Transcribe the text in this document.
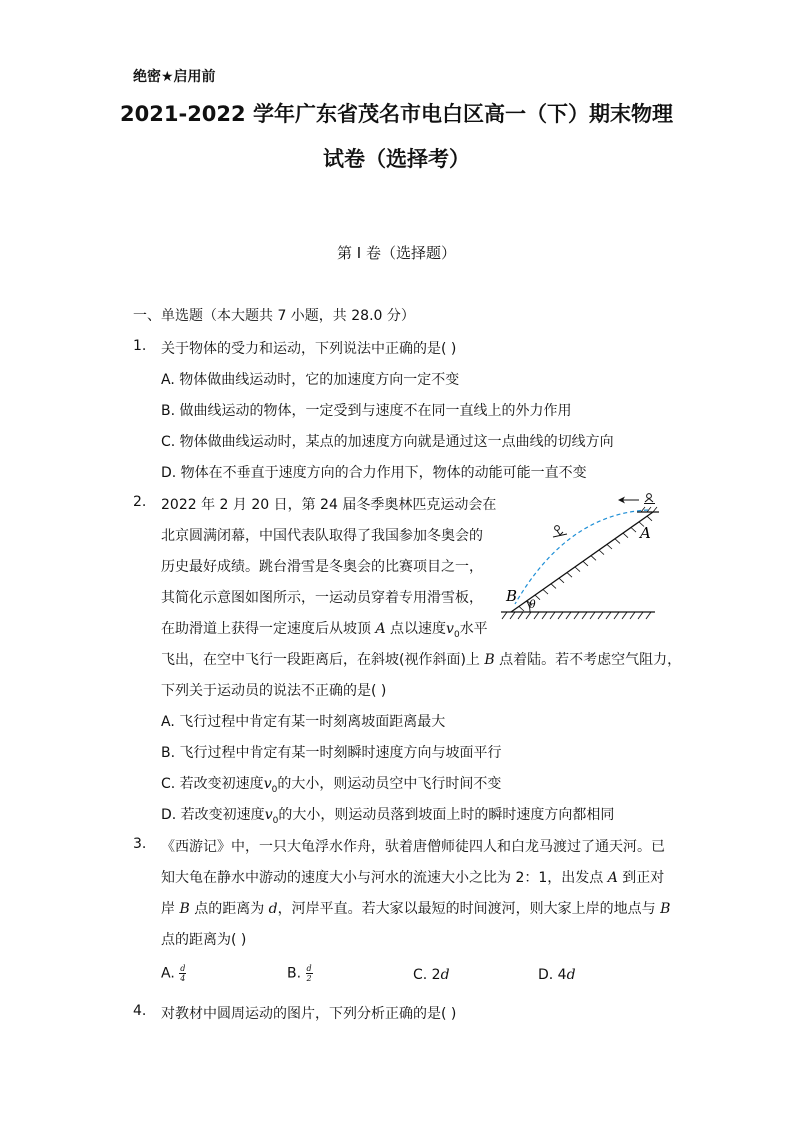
绝密★启用前
2021-2022 学年广东省茂名市电白区高一（下）期末物理
试卷（选择考）
第 I 卷（选择题）
一、单选题（本大题共 7 小题，共 28.0 分）
1. 关于物体的受力和运动，下列说法中正确的是( )
A. 物体做曲线运动时，它的加速度方向一定不变
B. 做曲线运动的物体，一定受到与速度不在同一直线上的外力作用
C. 物体做曲线运动时，某点的加速度方向就是通过这一点曲线的切线方向
D. 物体在不垂直于速度方向的合力作用下，物体的动能可能一直不变
2. 2022 年 2 月 20 日，第 24 届冬季奥林匹克运动会在
北京圆满闭幕，中国代表队取得了我国参加冬奥会的
历史最好成绩。跳台滑雪是冬奥会的比赛项目之一，
其简化示意图如图所示，一运动员穿着专用滑雪板，
在助滑道上获得一定速度后从坡顶 A 点以速度$v_0$水平
飞出，在空中飞行一段距离后，在斜坡(视作斜面)上 B 点着陆。若不考虑空气阻力，
下列关于运动员的说法不正确的是( )
A. 飞行过程中肯定有某一时刻离坡面距离最大
B. 飞行过程中肯定有某一时刻瞬时速度方向与坡面平行
C. 若改变初速度$v_0$的大小，则运动员空中飞行时间不变
D. 若改变初速度$v_0$的大小，则运动员落到坡面上时的瞬时速度方向都相同
A
B θ
3. 《西游记》中，一只大龟浮水作舟，驮着唐僧师徒四人和白龙马渡过了通天河。已
知大龟在静水中游动的速度大小与河水的流速大小之比为 2：1，出发点 A 到正对
岸 B 点的距离为 d，河岸平直。若大家以最短的时间渡河，则大家上岸的地点与 B
点的距离为( )
A. $\frac{d}{4}$	B. $\frac{d}{2}$	C. 2d	D. 4d
4. 对教材中圆周运动的图片，下列分析正确的是( )
